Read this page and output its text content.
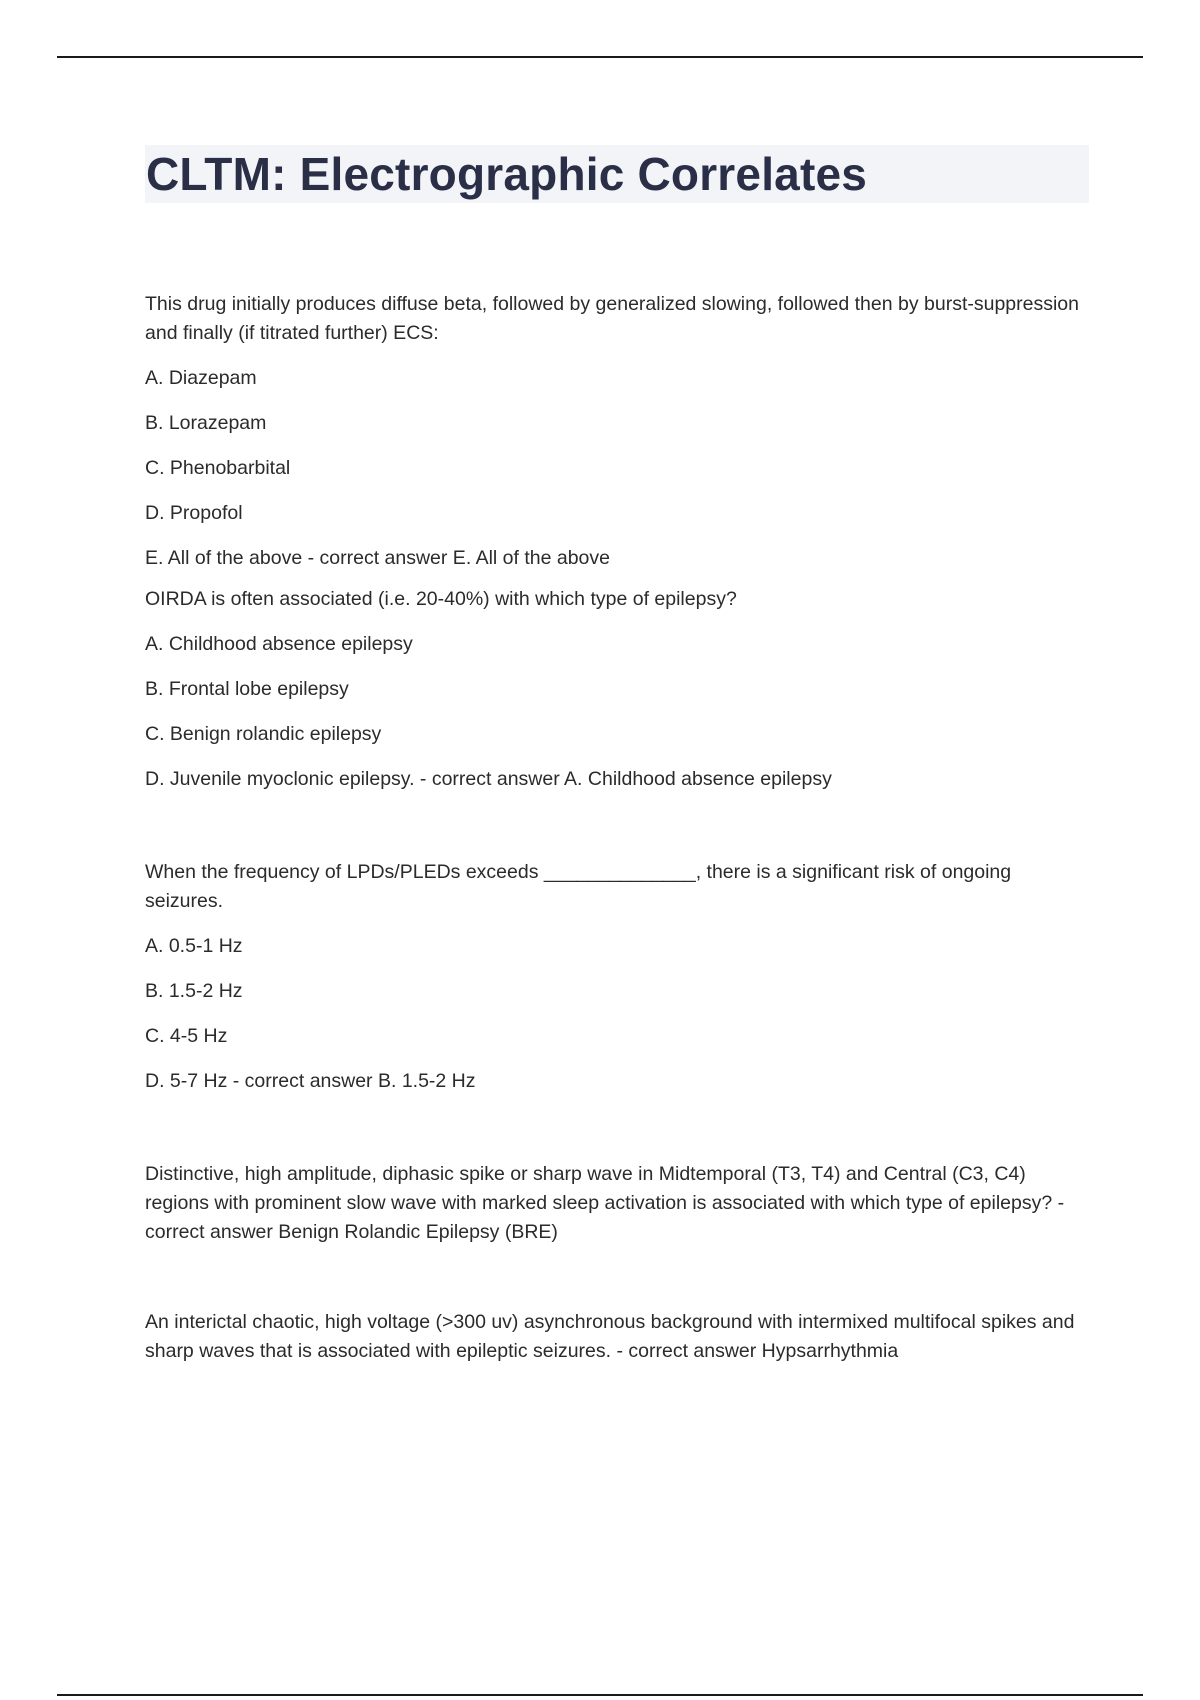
CLTM: Electrographic Correlates

This drug initially produces diffuse beta, followed by generalized slowing, followed then by burst-suppression and finally (if titrated further) ECS:

A. Diazepam

B. Lorazepam

C. Phenobarbital

D. Propofol

E. All of the above - correct answer E. All of the above

OIRDA is often associated (i.e. 20-40%) with which type of epilepsy?

A. Childhood absence epilepsy

B. Frontal lobe epilepsy

C. Benign rolandic epilepsy

D. Juvenile myoclonic epilepsy. - correct answer A. Childhood absence epilepsy

When the frequency of LPDs/PLEDs exceeds ______________, there is a significant risk of ongoing seizures.

A. 0.5-1 Hz

B. 1.5-2 Hz

C. 4-5 Hz

D. 5-7 Hz - correct answer B. 1.5-2 Hz

Distinctive, high amplitude, diphasic spike or sharp wave in Midtemporal (T3, T4) and Central (C3, C4) regions with prominent slow wave with marked sleep activation is associated with which type of epilepsy? - correct answer Benign Rolandic Epilepsy (BRE)

An interictal chaotic, high voltage (>300 uv) asynchronous background with intermixed multifocal spikes and sharp waves that is associated with epileptic seizures. - correct answer Hypsarrhythmia
